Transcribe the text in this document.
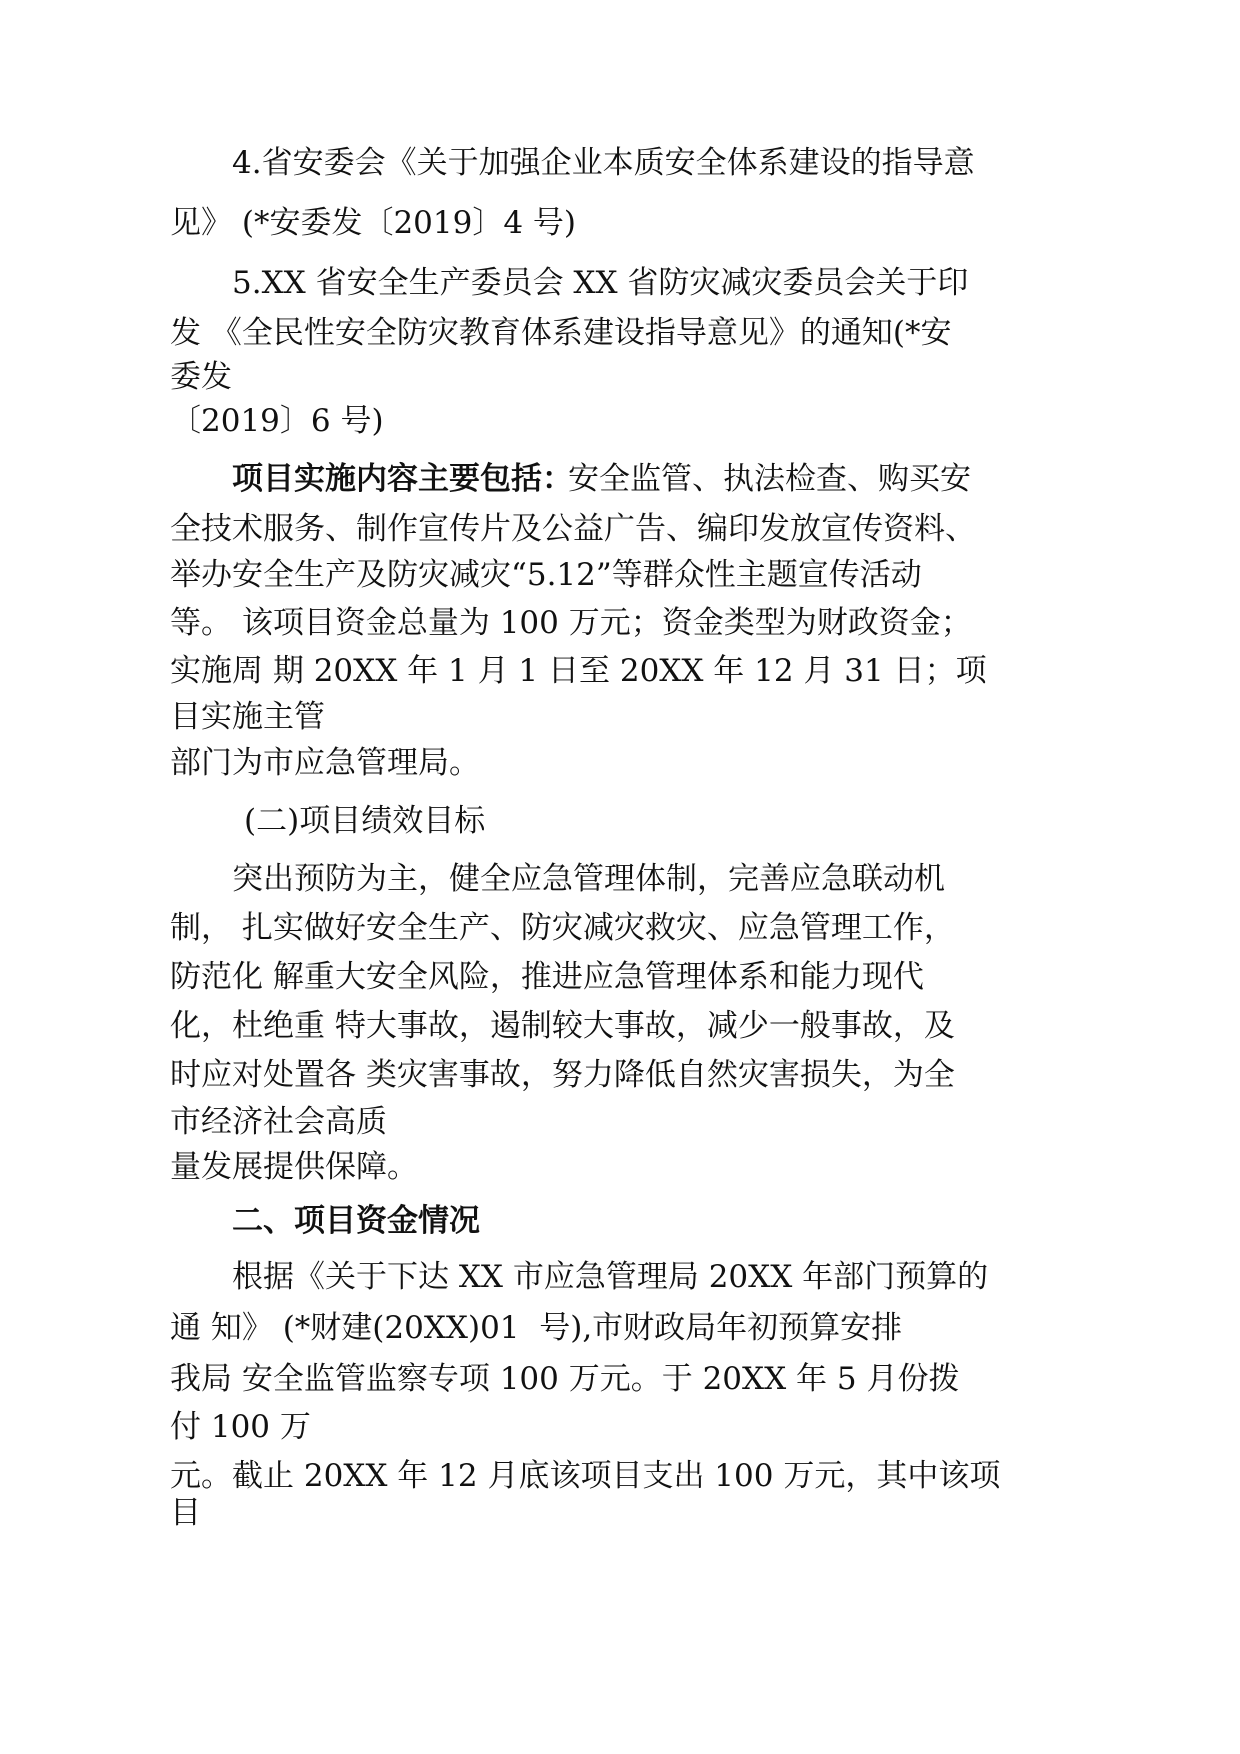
4.省安委会《关于加强企业本质安全体系建设的指导意

见》 (*安委发〔2019〕4 号)

5.XX 省安全生产委员会 XX 省防灾减灾委员会关于印

发 《全民性安全防灾教育体系建设指导意见》的通知(*安

委发

〔2019〕6 号)

项目实施内容主要包括：

安全监管、执法检查、购买安

全技术服务、制作宣传片及公益广告、编印发放宣传资料、

举办安全生产及防灾减灾“5.12”等群众性主题宣传活动

等。 该项目资金总量为 100 万元；资金类型为财政资金；

实施周 期 20XX 年 1 月 1 日至 20XX 年 12 月 31 日；项

目实施主管

部门为市应急管理局。

(二)项目绩效目标

突出预防为主，健全应急管理体制，完善应急联动机

制， 扎实做好安全生产、防灾减灾救灾、应急管理工作，

防范化 解重大安全风险，推进应急管理体系和能力现代

化，杜绝重 特大事故，遏制较大事故，减少一般事故，及

时应对处置各 类灾害事故，努力降低自然灾害损失，为全

市经济社会高质

量发展提供保障。

二、项目资金情况

根据《关于下达 XX 市应急管理局 20XX 年部门预算的

通 知》 (*财建(20XX)01  号),市财政局年初预算安排

我局 安全监管监察专项 100 万元。于 20XX 年 5 月份拨

付 100 万

元。截止 20XX 年 12 月底该项目支出 100 万元，其中该项

目
